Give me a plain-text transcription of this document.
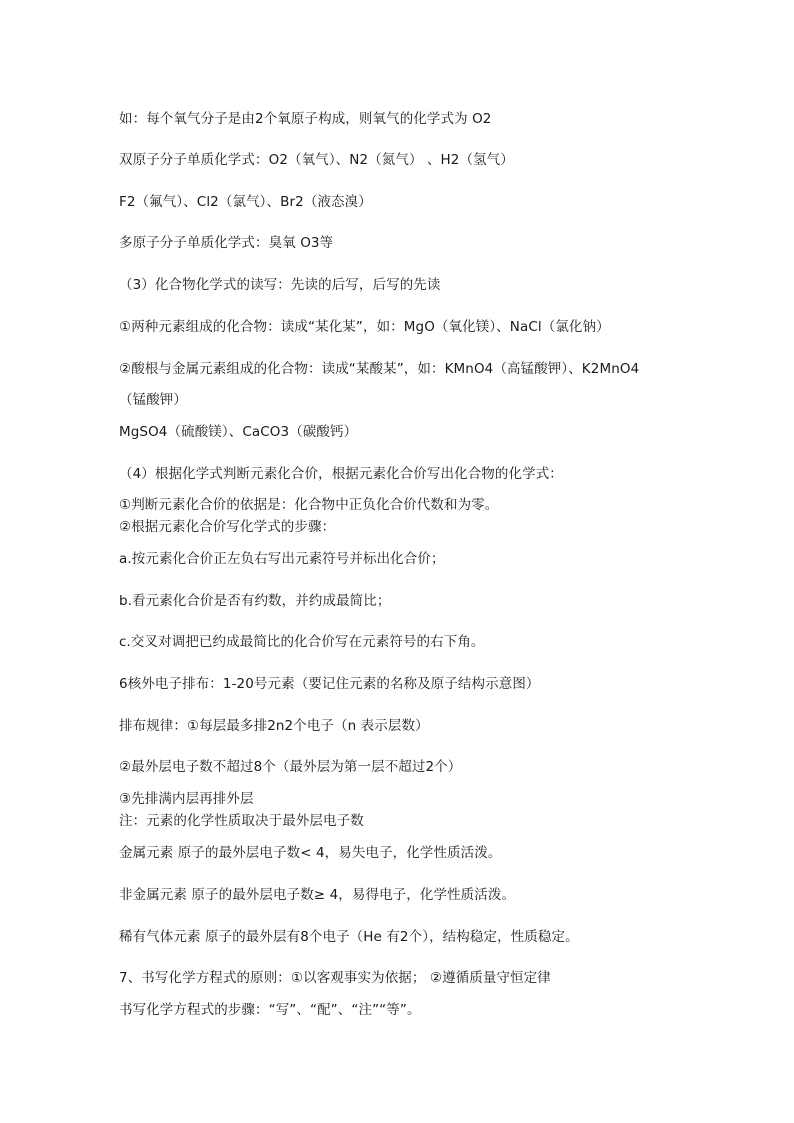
如：每个氧气分子是由2个氧原子构成，则氧气的化学式为 O2
双原子分子单质化学式：O2（氧气）、N2（氮气） 、H2（氢气）
F2（氟气）、Cl2（氯气）、Br2（液态溴）
多原子分子单质化学式：臭氧 O3等
（3）化合物化学式的读写：先读的后写，后写的先读
①两种元素组成的化合物：读成“某化某”，如：MgO（氧化镁）、NaCl（氯化钠）
②酸根与金属元素组成的化合物：读成“某酸某”，如：KMnO4（高锰酸钾）、K2MnO4
（锰酸钾）
MgSO4（硫酸镁）、CaCO3（碳酸钙）
（4）根据化学式判断元素化合价，根据元素化合价写出化合物的化学式：
①判断元素化合价的依据是：化合物中正负化合价代数和为零。
②根据元素化合价写化学式的步骤：
a.按元素化合价正左负右写出元素符号并标出化合价；
b.看元素化合价是否有约数，并约成最简比；
c.交叉对调把已约成最简比的化合价写在元素符号的右下角。
6核外电子排布：1-20号元素（要记住元素的名称及原子结构示意图）
排布规律：①每层最多排2n2个电子（n 表示层数）
②最外层电子数不超过8个（最外层为第一层不超过2个）
③先排满内层再排外层
注：元素的化学性质取决于最外层电子数
金属元素 原子的最外层电子数< 4，易失电子，化学性质活泼。
非金属元素 原子的最外层电子数≥ 4，易得电子，化学性质活泼。
稀有气体元素 原子的最外层有8个电子（He 有2个），结构稳定，性质稳定。
7、书写化学方程式的原则：①以客观事实为依据； ②遵循质量守恒定律
书写化学方程式的步骤：“写”、“配”、“注”“等”。
